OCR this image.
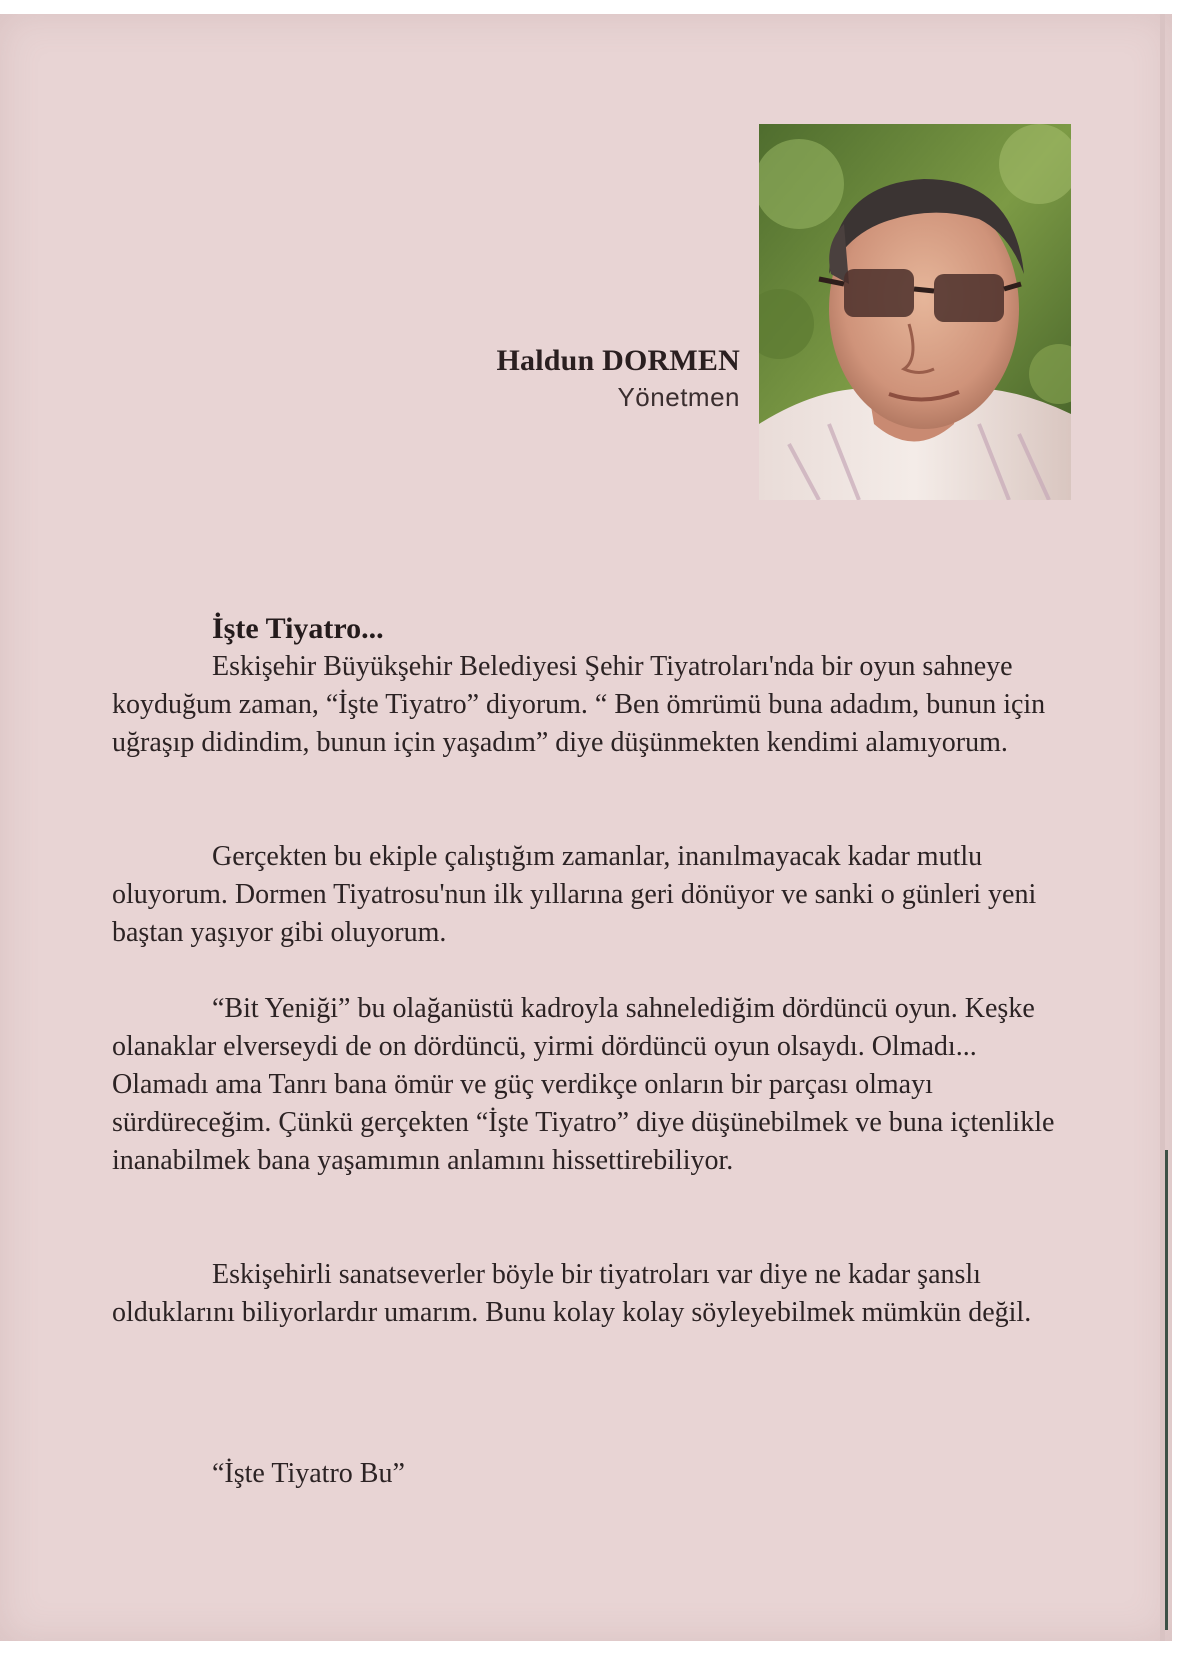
Haldun DORMEN
Yönetmen
İşte Tiyatro...

Eskişehir Büyükşehir Belediyesi Şehir Tiyatroları'nda bir oyun sahneye koyduğum zaman, “İşte Tiyatro” diyorum. “ Ben ömrümü buna adadım, bunun için uğraşıp didindim, bunun için yaşadım” diye düşünmekten kendimi alamıyorum.

Gerçekten bu ekiple çalıştığım zamanlar, inanılmayacak kadar mutlu oluyorum. Dormen Tiyatrosu'nun ilk yıllarına geri dönüyor ve sanki o günleri yeni baştan yaşıyor gibi oluyorum.

“Bit Yeniği” bu olağanüstü kadroyla sahnelediğim dördüncü oyun. Keşke olanaklar elverseydi de on dördüncü, yirmi dördüncü oyun olsaydı. Olmadı... Olamadı ama Tanrı bana ömür ve güç verdikçe onların bir parçası olmayı sürdüreceğim. Çünkü gerçekten “İşte Tiyatro” diye düşünebilmek ve buna içtenlikle inanabilmek bana yaşamımın anlamını hissettirebiliyor.

Eskişehirli sanatseverler böyle bir tiyatroları var diye ne kadar şanslı olduklarını biliyorlardır umarım. Bunu kolay kolay söyleyebilmek mümkün değil.

“İşte Tiyatro Bu”
